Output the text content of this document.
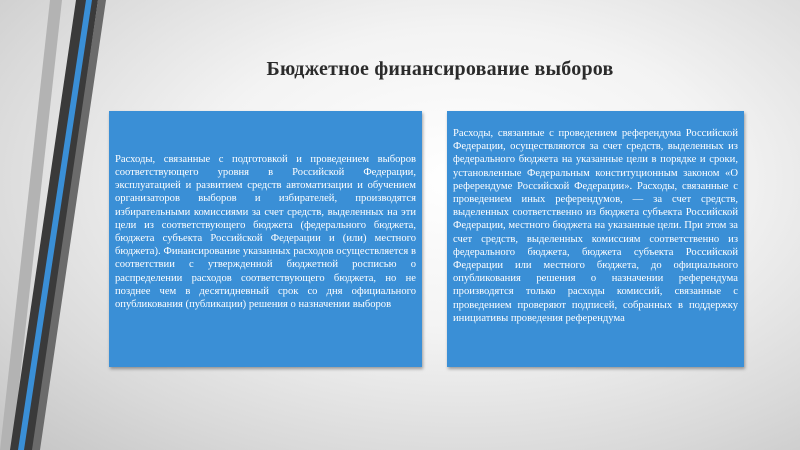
Бюджетное финансирование выборов

Расходы, связанные с подготовкой и проведением выборов соответствующего уровня в Российской Федерации, эксплуатацией и развитием средств автоматизации и обучением организаторов выборов и избирателей, производятся избирательными комиссиями за счет средств, выделенных на эти цели из соответствующего бюджета (федерального бюджета, бюджета субъекта Российской Федерации и (или) местного бюджета). Финансирование указанных расходов осуществляется в соответствии с утвержденной бюджетной росписью о распределении расходов соответствующего бюджета, но не позднее чем в десятидневный срок со дня официального опубликования (публикации) решения о назначении выборов

Расходы, связанные с проведением референдума Российской Федерации, осуществляются за счет средств, выделенных из федерального бюджета на указанные цели в порядке и сроки, установленные Федеральным конституционным законом «О референдуме Российской Федерации». Расходы, связанные с проведением иных референдумов, — за счет средств, выделенных соответственно из бюджета субъекта Российской Федерации, местного бюджета на указанные цели. При этом за счет средств, выделенных комиссиям соответственно из федерального бюджета, бюджета субъекта Российской Федерации или местного бюджета, до официального опубликования решения о назначении референдума производятся только расходы комиссий, связанные с проведением проверяют подписей, собранных в поддержку инициативы проведения референдума
